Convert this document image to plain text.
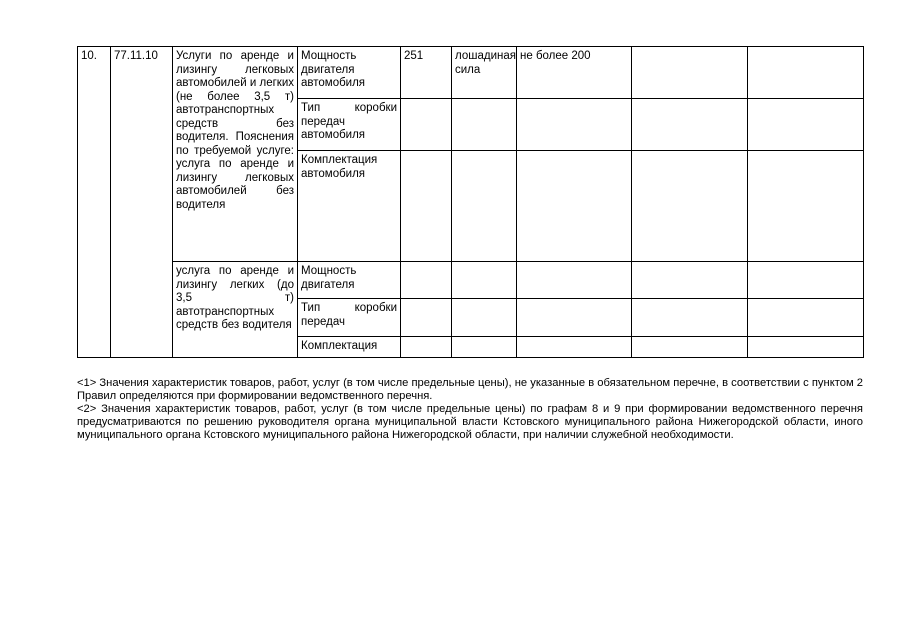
10.	77.11.10	Услуги по аренде и лизингу легковых автомобилей и легких (не более 3,5 т) автотранспортных средств без водителя. Пояснения по требуемой услуге: услуга по аренде и лизингу легковых автомобилей без водителя	Мощность двигателя автомобиля	251	лошадиная сила	не более 200		
			Тип коробки передач автомобиля					
			Комплектация автомобиля					
		услуга по аренде и лизингу легких (до 3,5 т) автотранспортных средств без водителя	Мощность двигателя					
			Тип коробки передач					
			Комплектация					

<1> Значения характеристик товаров, работ, услуг (в том числе предельные цены), не указанные в обязательном перечне, в соответствии с пунктом 2 Правил определяются при формировании ведомственного перечня.

<2> Значения характеристик товаров, работ, услуг (в том числе предельные цены) по графам 8 и 9 при формировании ведомственного перечня предусматриваются по решению руководителя органа муниципальной власти Кстовского муниципального района Нижегородской области, иного муниципального органа Кстовского муниципального района Нижегородской области, при наличии служебной необходимости.
